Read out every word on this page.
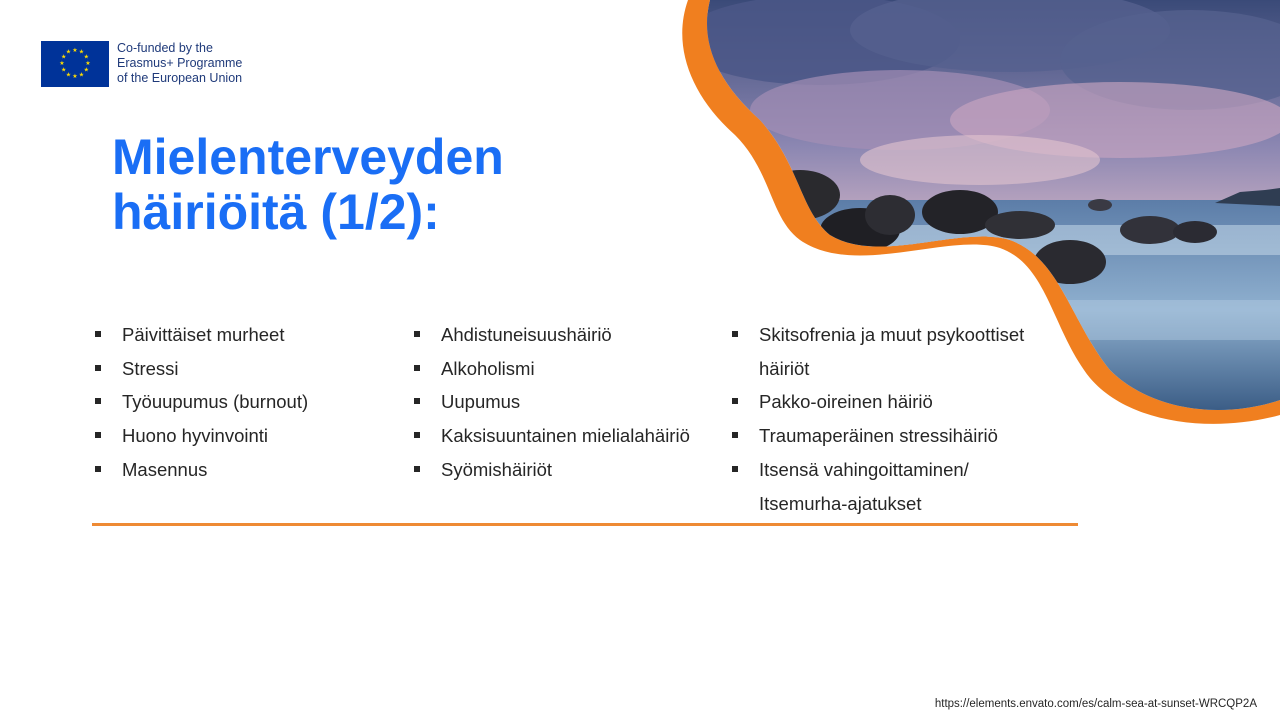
★ ★
★
★
★
★
★
★
★
★
★
★	Co-funded by the
Erasmus+ Programme
of the European Union
Mielenterveyden
häiriöitä (1/2):
Päivittäiset murheet
Stressi
Työuupumus (burnout)
Huono hyvinvointi
Masennus
Ahdistuneisuushäiriö
Alkoholismi
Uupumus
Kaksisuuntainen mielialahäiriö
Syömishäiriöt
Skitsofrenia ja muut psykoottiset häiriöt
Pakko-oireinen häiriö
Traumaperäinen stressihäiriö
Itsensä vahingoittaminen/ Itsemurha-ajatukset
https://elements.envato.com/es/calm-sea-at-sunset-WRCQP2A
